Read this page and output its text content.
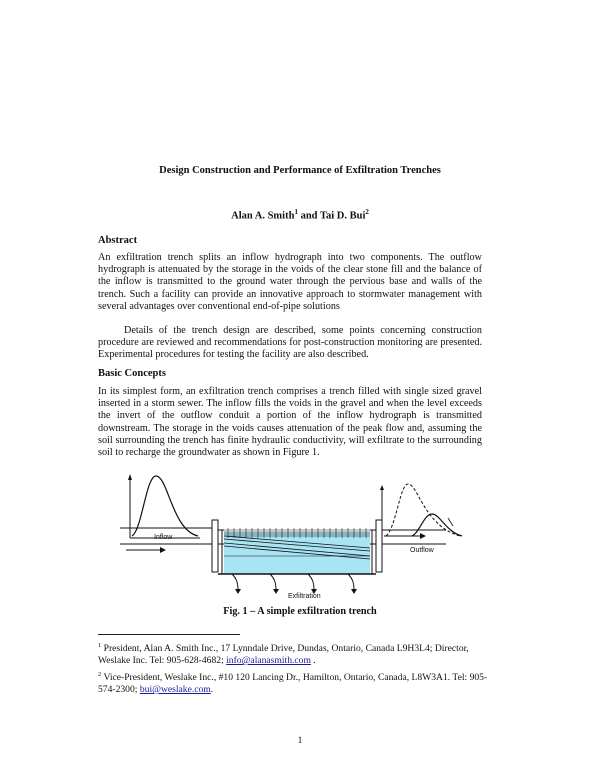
Design Construction and Performance of Exfiltration Trenches
Alan A. Smith$^1$ and Tai D. Bui$^2$
Abstract

An exfiltration trench splits an inflow hydrograph into two components. The outflow hydrograph is attenuated by the storage in the voids of the clear stone fill and the balance of the inflow is transmitted to the ground water through the pervious base and walls of the trench. Such a facility can provide an innovative approach to stormwater management with several advantages over conventional end-of-pipe solutions

Details of the trench design are described, some points concerning construction procedure are reviewed and recommendations for post-construction monitoring are presented. Experimental procedures for testing the facility are also described.

Basic Concepts

In its simplest form, an exfiltration trench comprises a trench filled with single sized gravel inserted in a storm sewer. The inflow fills the voids in the gravel and when the level exceeds the invert of the outflow conduit a portion of the inflow hydrograph is transmitted downstream. The storage in the voids causes attenuation of the peak flow and, assuming the soil surrounding the trench has finite hydraulic conductivity, will exfiltrate to the surrounding soil to recharge the groundwater as shown in Figure 1.

Inflow
Outflow
Exfiltration
Fig. 1 – A simple exfiltration trench

$^1$ President, Alan A. Smith Inc., 17 Lynndale Drive, Dundas, Ontario, Canada L9H3L4; Director, Weslake Inc. Tel: 905-628-4682; info@alanasmith.com .

$^2$ Vice-President, Weslake Inc., #10 120 Lancing Dr., Hamilton, Ontario, Canada, L8W3A1. Tel: 905-574-2300; bui@weslake.com.

1
